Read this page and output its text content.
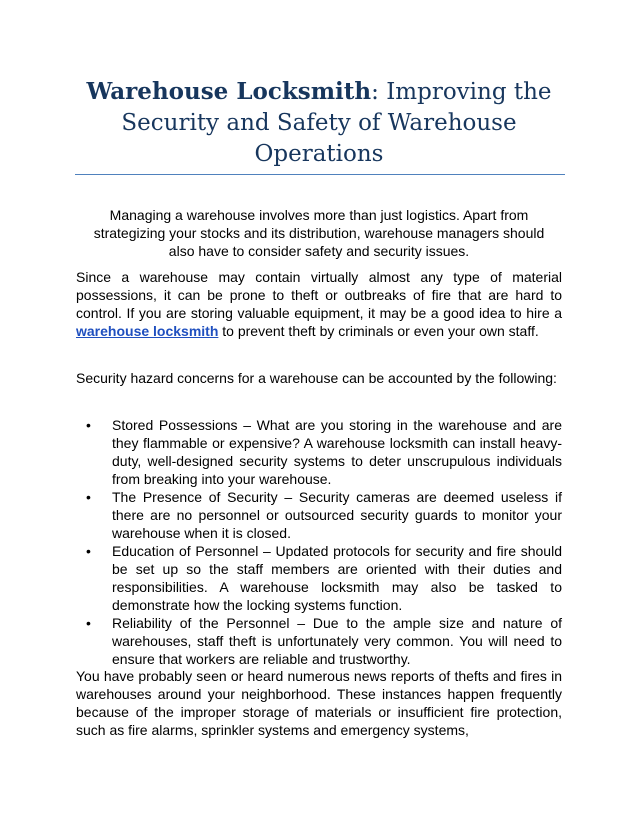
Warehouse Locksmith: Improving the Security and Safety of Warehouse Operations

Managing a warehouse involves more than just logistics. Apart from strategizing your stocks and its distribution, warehouse managers should also have to consider safety and security issues.

Since a warehouse may contain virtually almost any type of material possessions, it can be prone to theft or outbreaks of fire that are hard to control. If you are storing valuable equipment, it may be a good idea to hire a warehouse locksmith to prevent theft by criminals or even your own staff.

Security hazard concerns for a warehouse can be accounted by the following:

• Stored Possessions – What are you storing in the warehouse and are they flammable or expensive? A warehouse locksmith can install heavy-duty, well-designed security systems to deter unscrupulous individuals from breaking into your warehouse.
• The Presence of Security – Security cameras are deemed useless if there are no personnel or outsourced security guards to monitor your warehouse when it is closed.
• Education of Personnel – Updated protocols for security and fire should be set up so the staff members are oriented with their duties and responsibilities. A warehouse locksmith may also be tasked to demonstrate how the locking systems function.
• Reliability of the Personnel – Due to the ample size and nature of warehouses, staff theft is unfortunately very common. You will need to ensure that workers are reliable and trustworthy.

You have probably seen or heard numerous news reports of thefts and fires in warehouses around your neighborhood. These instances happen frequently because of the improper storage of materials or insufficient fire protection, such as fire alarms, sprinkler systems and emergency systems,
